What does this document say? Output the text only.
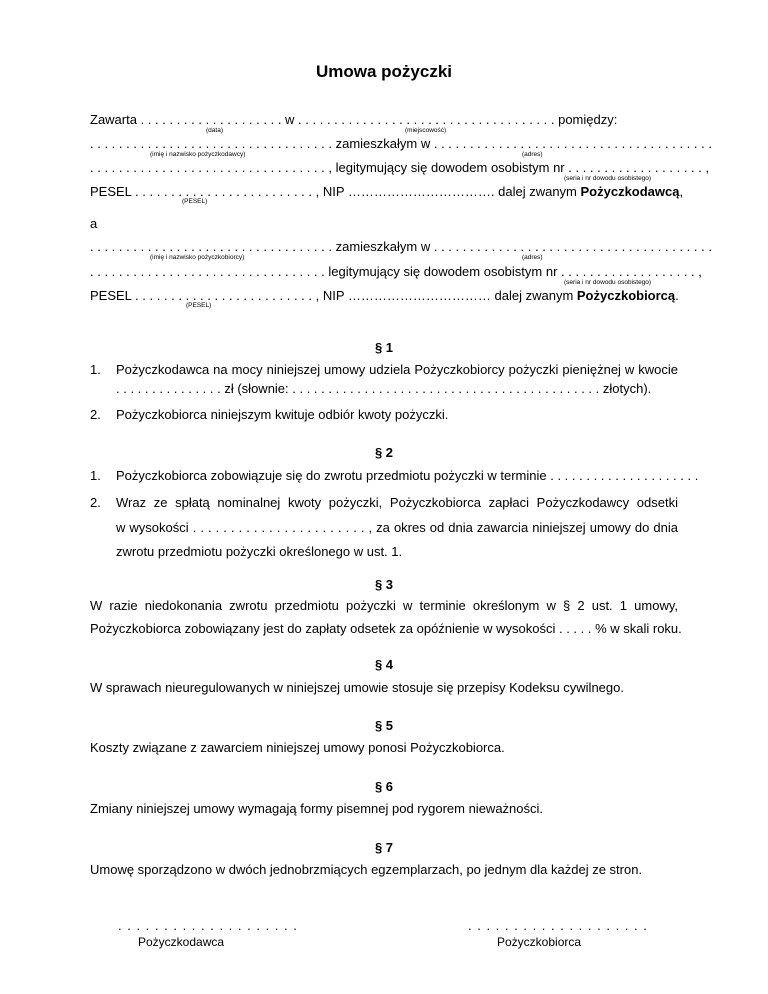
Umowa pożyczki
Zawarta . . . . . . . . . . . . . . . . . . . . w . . . . . . . . . . . . . . . . . . . . . . . . . . . . . . . . . . . . pomiędzy:
(data)	(miejscowość)
. . . . . . . . . . . . . . . . . . . . . . . . . . . . . . . . . . zamieszkałym w . . . . . . . . . . . . . . . . . . . . . . . . . . . . . . . . . . . . . . .
(imię i nazwisko pożyczkodawcy)	(adres)
. . . . . . . . . . . . . . . . . . . . . . . . . . . . . . . . . , legitymujący się dowodem osobistym nr . . . . . . . . . . . . . . . . . . . ,
(seria i nr dowodu osobistego)
PESEL . . . . . . . . . . . . . . . . . . . . . . . . . , NIP ……………………………. dalej zwanym Pożyczkodawcą,
(PESEL)
a
. . . . . . . . . . . . . . . . . . . . . . . . . . . . . . . . . . zamieszkałym w . . . . . . . . . . . . . . . . . . . . . . . . . . . . . . . . . . . . . . .
(imię i nazwisko pożyczkobiorcy)	(adres)
. . . . . . . . . . . . . . . . . . . . . . . . . . . . . . . . . legitymujący się dowodem osobistym nr . . . . . . . . . . . . . . . . . . . ,
(seria i nr dowodu osobistego)
PESEL . . . . . . . . . . . . . . . . . . . . . . . . . , NIP …………………………… dalej zwanym Pożyczkobiorcą.
(PESEL)
§ 1
1. Pożyczkodawca na mocy niniejszej umowy udziela Pożyczkobiorcy pożyczki pieniężnej w kwocie
. . . . . . . . . . . . . . . zł (słownie: . . . . . . . . . . . . . . . . . . . . . . . . . . . . . . . . . . . . . . . . . . . złotych).
2. Pożyczkobiorca niniejszym kwituje odbiór kwoty pożyczki.
§ 2
1. Pożyczkobiorca zobowiązuje się do zwrotu przedmiotu pożyczki w terminie . . . . . . . . . . . . . . . . . . . . .
2. Wraz ze spłatą nominalnej kwoty pożyczki, Pożyczkobiorca zapłaci Pożyczkodawcy odsetki
w wysokości . . . . . . . . . . . . . . . . . . . . . . . , za okres od dnia zawarcia niniejszej umowy do dnia
zwrotu przedmiotu pożyczki określonego w ust. 1.
§ 3
W razie niedokonania zwrotu przedmiotu pożyczki w terminie określonym w § 2 ust. 1 umowy,
Pożyczkobiorca zobowiązany jest do zapłaty odsetek za opóźnienie w wysokości . . . . . % w skali roku.
§ 4
W sprawach nieuregulowanych w niniejszej umowie stosuje się przepisy Kodeksu cywilnego.
§ 5
Koszty związane z zawarciem niniejszej umowy ponosi Pożyczkobiorca.
§ 6
Zmiany niniejszej umowy wymagają formy pisemnej pod rygorem nieważności.
§ 7
Umowę sporządzono w dwóch jednobrzmiących egzemplarzach, po jednym dla każdej ze stron.
. . . . . . . . . . . . . . . . . . . .
Pożyczkodawca
. . . . . . . . . . . . . . . . . . . .
Pożyczkobiorca
